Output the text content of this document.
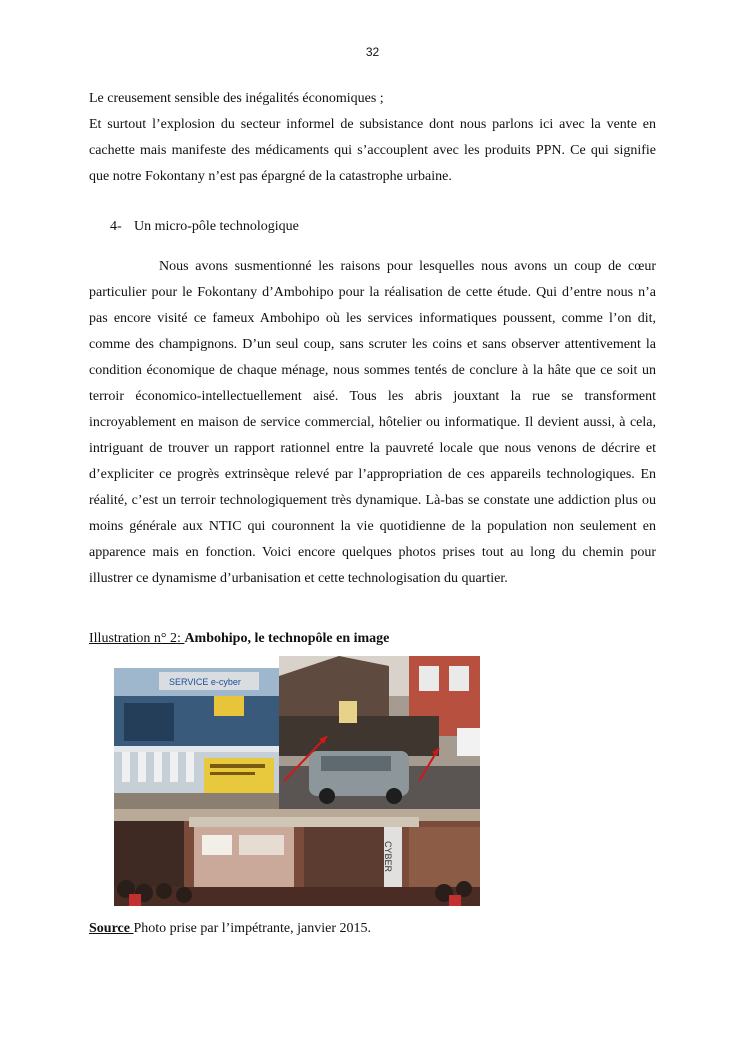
32
Le creusement sensible des inégalités économiques ;
Et surtout l’explosion du secteur informel de subsistance dont nous parlons ici avec la vente en cachette mais manifeste des médicaments qui s’accouplent avec les produits PPN. Ce qui signifie que notre Fokontany n’est pas épargné de la catastrophe urbaine.
4- Un micro-pôle technologique
Nous avons susmentionné les raisons pour lesquelles nous avons un coup de cœur particulier pour le Fokontany d’Ambohipo pour la réalisation de cette étude. Qui d’entre nous n’a pas encore visité ce fameux Ambohipo où les services informatiques poussent, comme l’on dit, comme des champignons. D’un seul coup, sans scruter les coins et sans observer attentivement la condition économique de chaque ménage, nous sommes tentés de conclure à la hâte que ce soit un terroir économico-intellectuellement aisé. Tous les abris jouxtant la rue se transforment incroyablement en maison de service commercial, hôtelier ou informatique. Il devient aussi, à cela, intriguant de trouver un rapport rationnel entre la pauvreté locale que nous venons de décrire et d’expliciter ce progrès extrinsèque relevé par l’appropriation de ces appareils technologiques. En réalité, c’est un terroir technologiquement très dynamique. Là-bas se constate une addiction plus ou moins générale aux NTIC qui couronnent la vie quotidienne de la population non seulement en apparence mais en fonction. Voici encore quelques photos prises tout au long du chemin pour illustrer ce dynamisme d’urbanisation et cette technologisation du quartier.
Illustration n° 2: Ambohipo, le technopôle en image
SERVICE e-cyber
CYBER
Source Photo prise par l’impétrante, janvier 2015.
